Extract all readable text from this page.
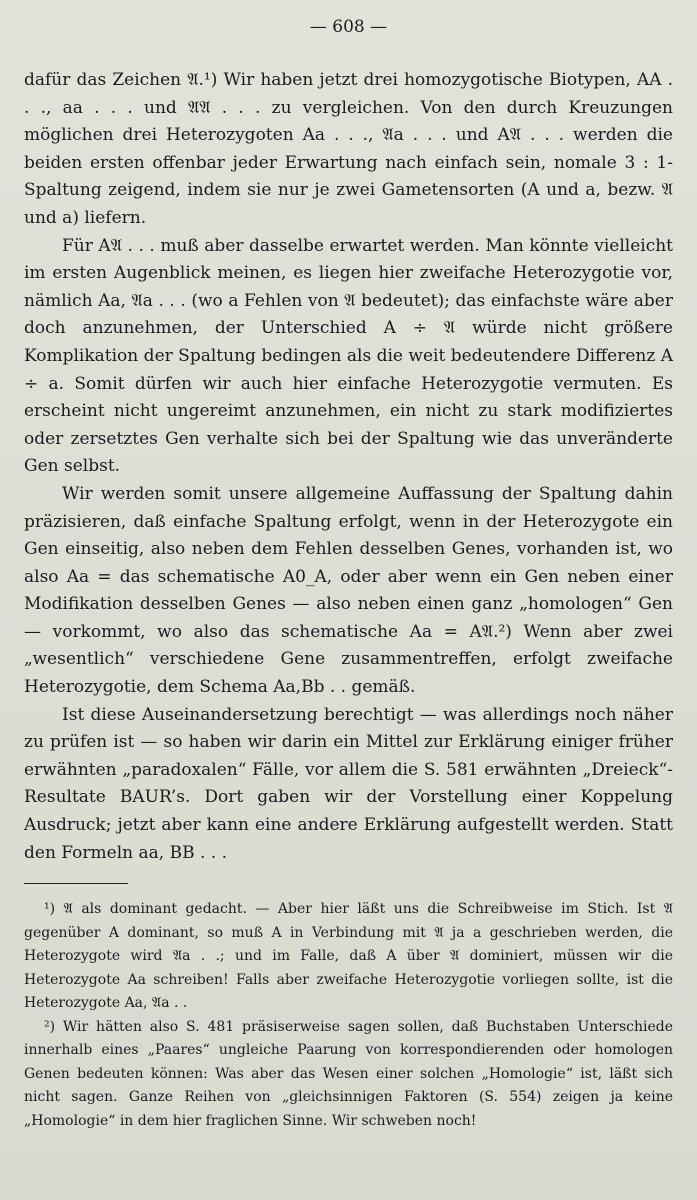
— 608 —

dafür das Zeichen 𝔄.¹) Wir haben jetzt drei homozygotische Biotypen, AA . . ., aa . . . und 𝔄𝔄 . . . zu vergleichen. Von den durch Kreuzungen möglichen drei Heterozygoten Aa . . ., 𝔄a . . . und A𝔄 . . . werden die beiden ersten offenbar jeder Erwartung nach einfach sein, nomale 3 : 1-Spaltung zeigend, indem sie nur je zwei Gametensorten (A und a, bezw. 𝔄 und a) liefern.

Für A𝔄 . . . muß aber dasselbe erwartet werden. Man könnte vielleicht im ersten Augenblick meinen, es liegen hier zweifache Heterozygotie vor, nämlich Aa, 𝔄a . . . (wo a Fehlen von 𝔄 bedeutet); das einfachste wäre aber doch anzunehmen, der Unterschied A ÷ 𝔄 würde nicht größere Komplikation der Spaltung bedingen als die weit bedeutendere Differenz A ÷ a. Somit dürfen wir auch hier einfache Heterozygotie vermuten. Es erscheint nicht ungereimt anzunehmen, ein nicht zu stark modifiziertes oder zersetztes Gen verhalte sich bei der Spaltung wie das unveränderte Gen selbst.

Wir werden somit unsere allgemeine Auffassung der Spaltung dahin präzisieren, daß einfache Spaltung erfolgt, wenn in der Heterozygote ein Gen einseitig, also neben dem Fehlen desselben Genes, vorhanden ist, wo also Aa = das schematische A0_A, oder aber wenn ein Gen neben einer Modifikation desselben Genes — also neben einen ganz „homologen“ Gen — vorkommt, wo also das schematische Aa = A𝔄.²) Wenn aber zwei „wesentlich“ verschiedene Gene zusammentreffen, erfolgt zweifache Heterozygotie, dem Schema Aa,Bb . . gemäß.

Ist diese Auseinandersetzung berechtigt — was allerdings noch näher zu prüfen ist — so haben wir darin ein Mittel zur Erklärung einiger früher erwähnten „paradoxalen“ Fälle, vor allem die S. 581 erwähnten „Dreieck“-Resultate BAUR’s. Dort gaben wir der Vorstellung einer Koppelung Ausdruck; jetzt aber kann eine andere Erklärung aufgestellt werden. Statt den Formeln aa, BB . . .

¹) 𝔄 als dominant gedacht. — Aber hier läßt uns die Schreibweise im Stich. Ist 𝔄 gegenüber A dominant, so muß A in Verbindung mit 𝔄 ja a geschrieben werden, die Heterozygote wird 𝔄a . .; und im Falle, daß A über 𝔄 dominiert, müssen wir die Heterozygote Aa schreiben! Falls aber zweifache Heterozygotie vorliegen sollte, ist die Heterozygote Aa, 𝔄a . .

²) Wir hätten also S. 481 präsiserweise sagen sollen, daß Buchstaben Unterschiede innerhalb eines „Paares“ ungleiche Paarung von korrespondierenden oder homologen Genen bedeuten können: Was aber das Wesen einer solchen „Homologie“ ist, läßt sich nicht sagen. Ganze Reihen von „gleichsinnigen Faktoren (S. 554) zeigen ja keine „Homologie“ in dem hier fraglichen Sinne. Wir schweben noch!
